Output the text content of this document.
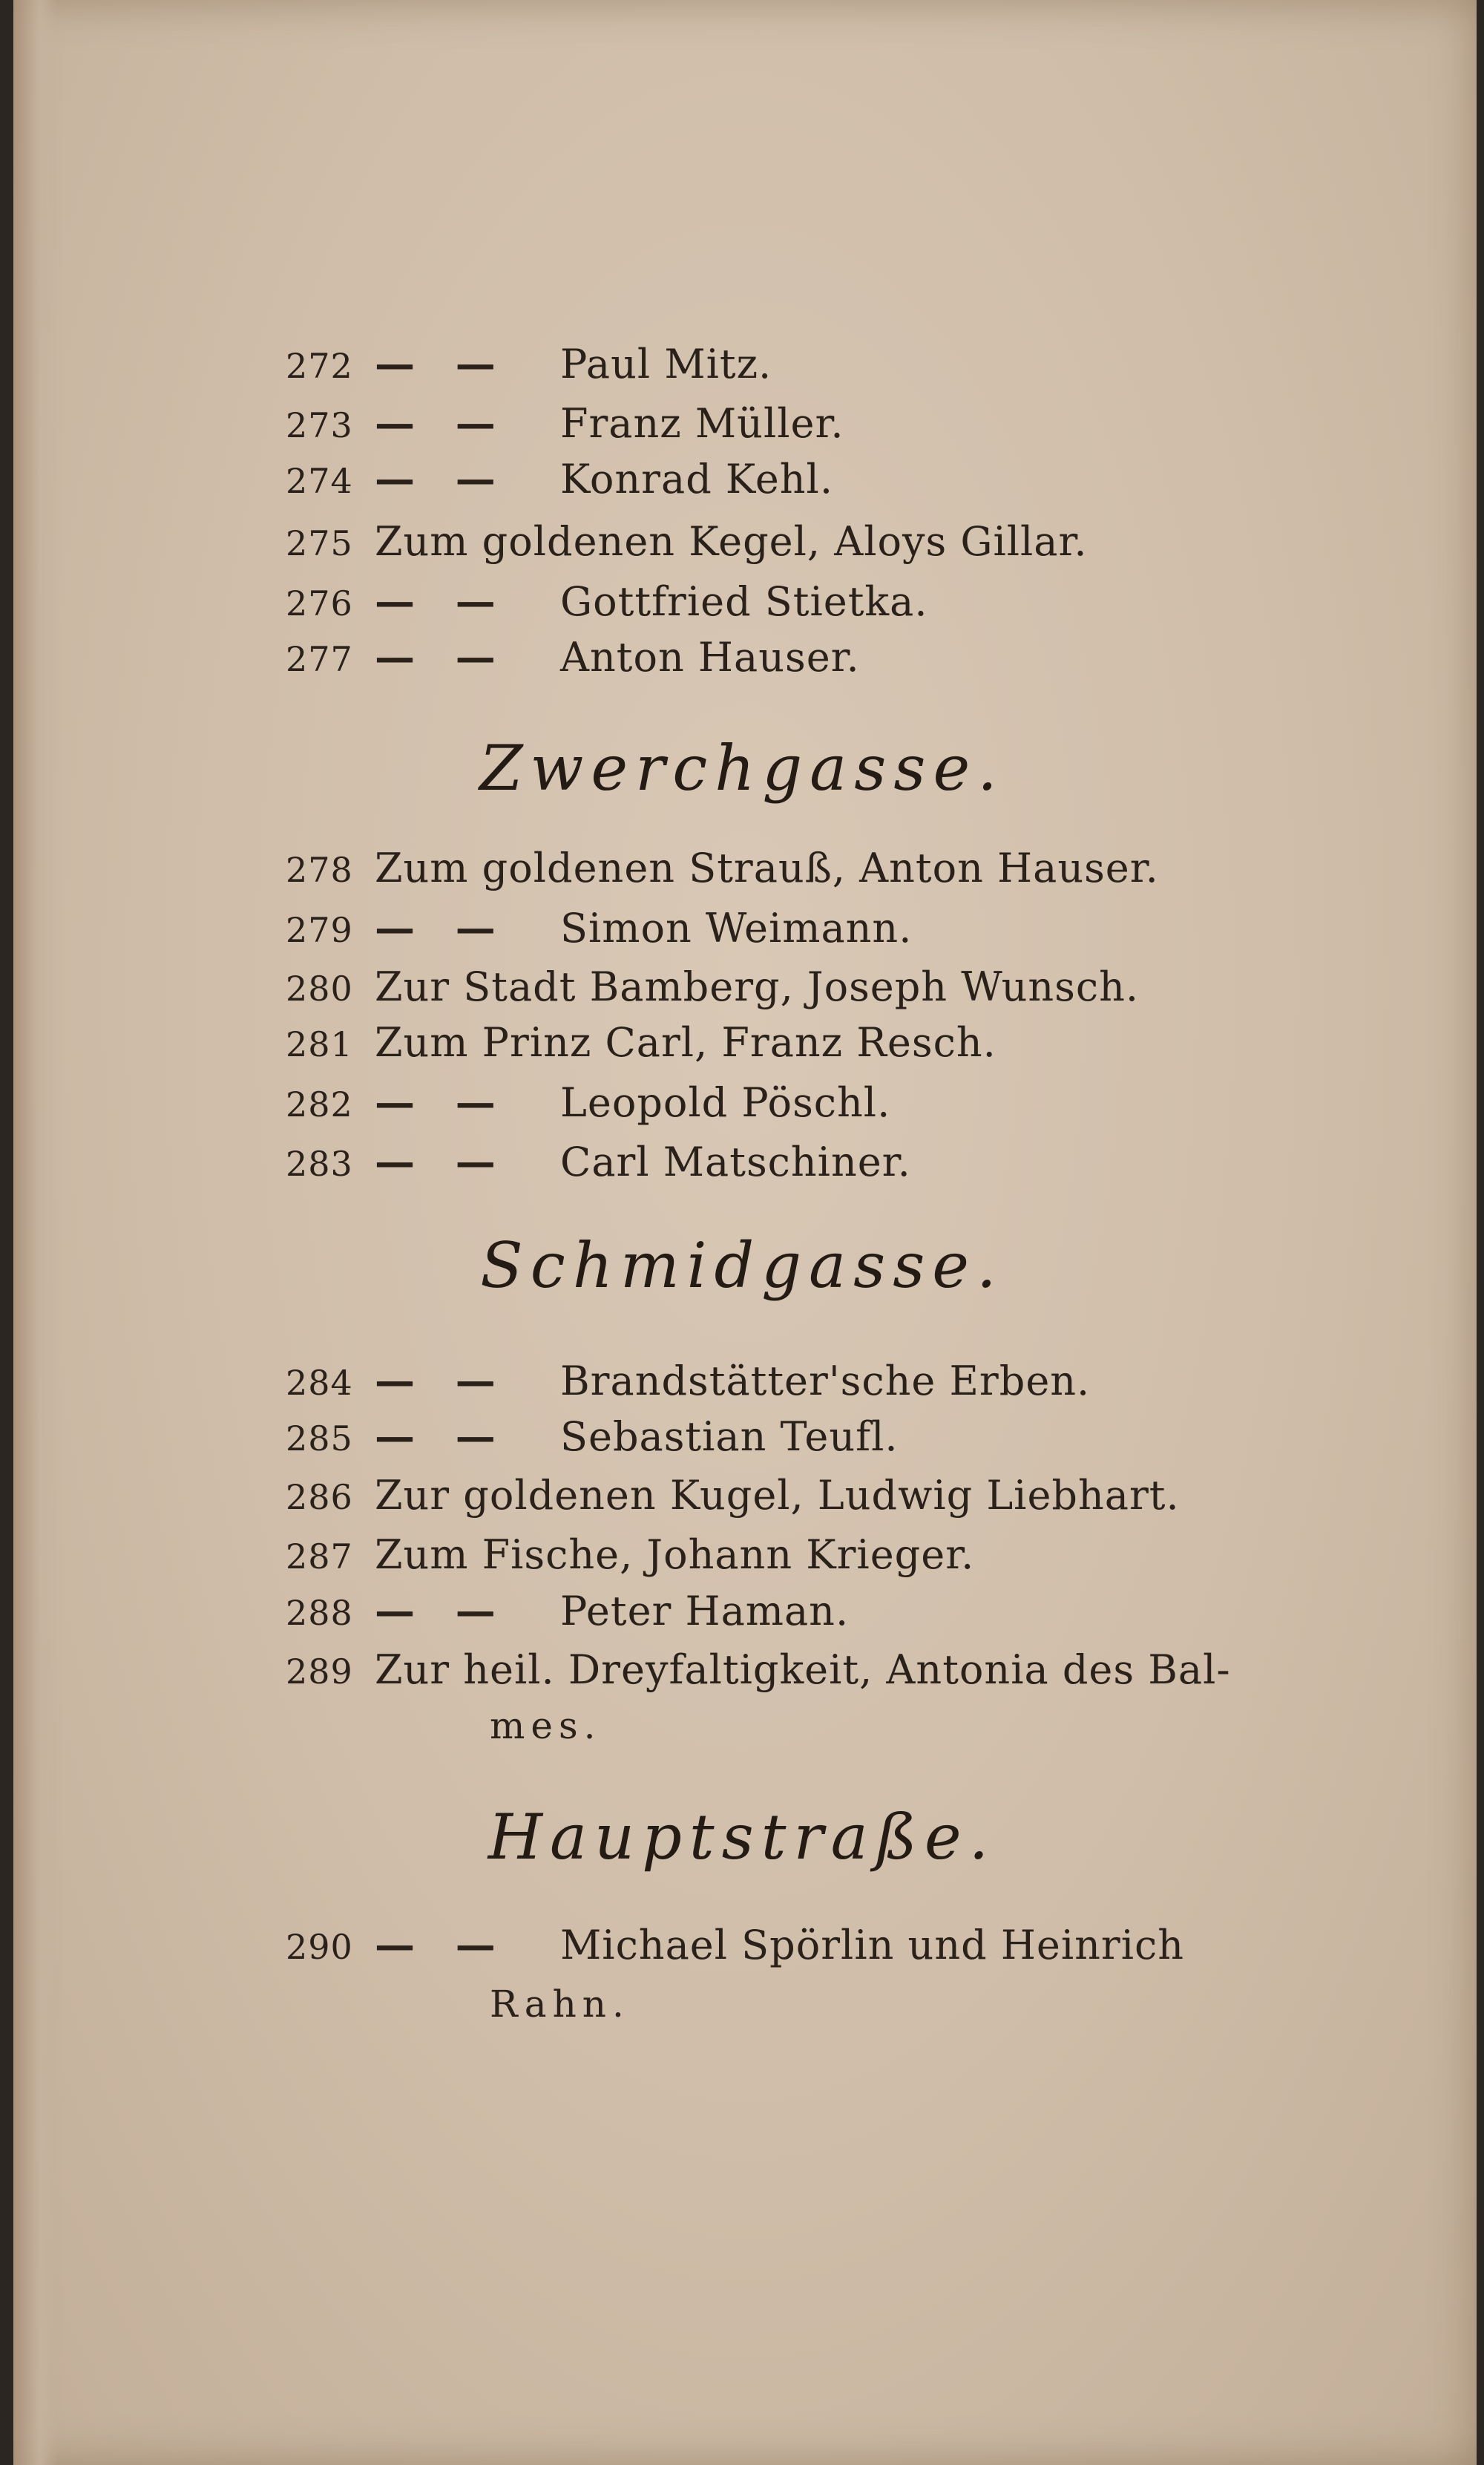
272 — — Paul Mitz.
273 — — Franz Müller.
274 — — Konrad Kehl.
275 Zum goldenen Kegel, Aloys Gillar.
276 — — Gottfried Stietka.
277 — — Anton Hauser.
Zwerchgasse.
278 Zum goldenen Strauß, Anton Hauser.
279 — — Simon Weimann.
280 Zur Stadt Bamberg, Joseph Wunsch.
281 Zum Prinz Carl, Franz Resch.
282 — — Leopold Pöschl.
283 — — Carl Matschiner.
Schmidgasse.
284 — — Brandstätter'sche Erben.
285 — — Sebastian Teufl.
286 Zur goldenen Kugel, Ludwig Liebhart.
287 Zum Fische, Johann Krieger.
288 — — Peter Haman.
289 Zur heil. Dreyfaltigkeit, Antonia des Bal-
mes.
Hauptstraße.
290 — — Michael Spörlin und Heinrich
Rahn.
